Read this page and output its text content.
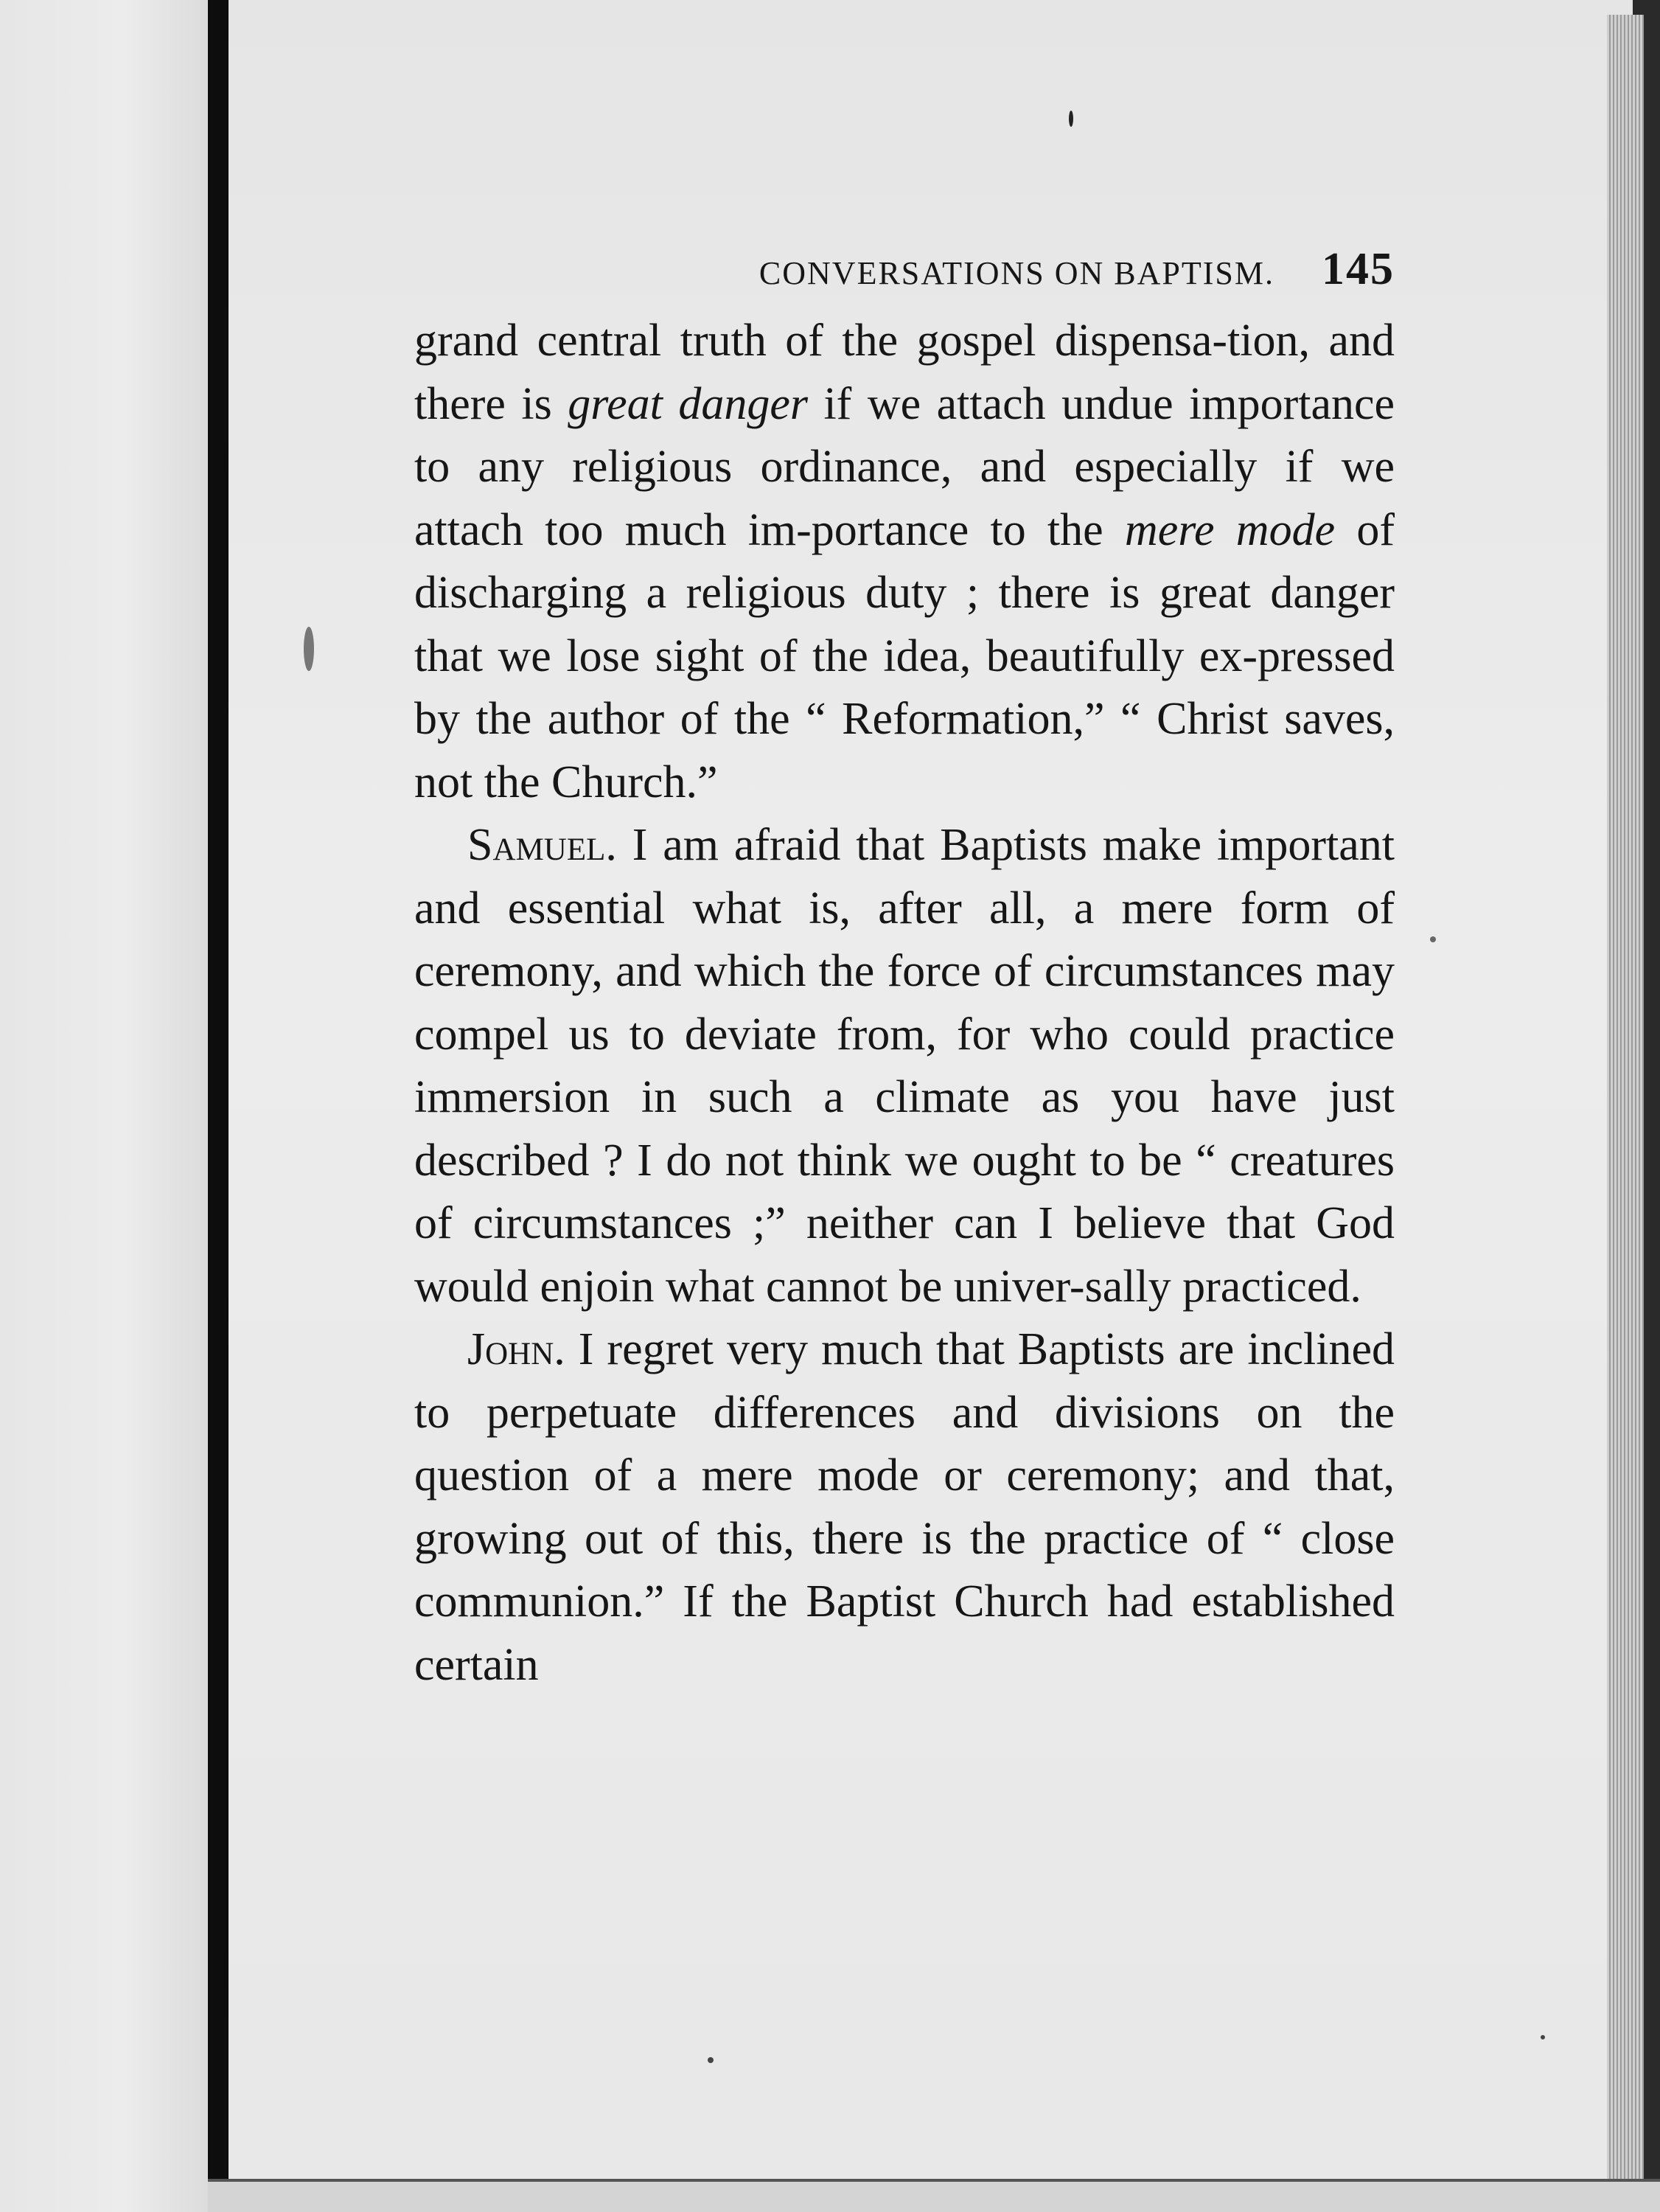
CONVERSATIONS ON BAPTISM. 145

grand central truth of the gospel dispensa-tion, and there is great danger if we attach undue importance to any religious ordinance, and especially if we attach too much im-portance to the mere mode of discharging a religious duty ; there is great danger that we lose sight of the idea, beautifully ex-pressed by the author of the “ Reformation,” “ Christ saves, not the Church.”

Samuel. I am afraid that Baptists make important and essential what is, after all, a mere form of ceremony, and which the force of circumstances may compel us to deviate from, for who could practice immersion in such a climate as you have just described ? I do not think we ought to be “ creatures of circumstances ;” neither can I believe that God would enjoin what cannot be univer-sally practiced.

John. I regret very much that Baptists are inclined to perpetuate differences and divisions on the question of a mere mode or ceremony; and that, growing out of this, there is the practice of “ close communion.” If the Baptist Church had established certain
